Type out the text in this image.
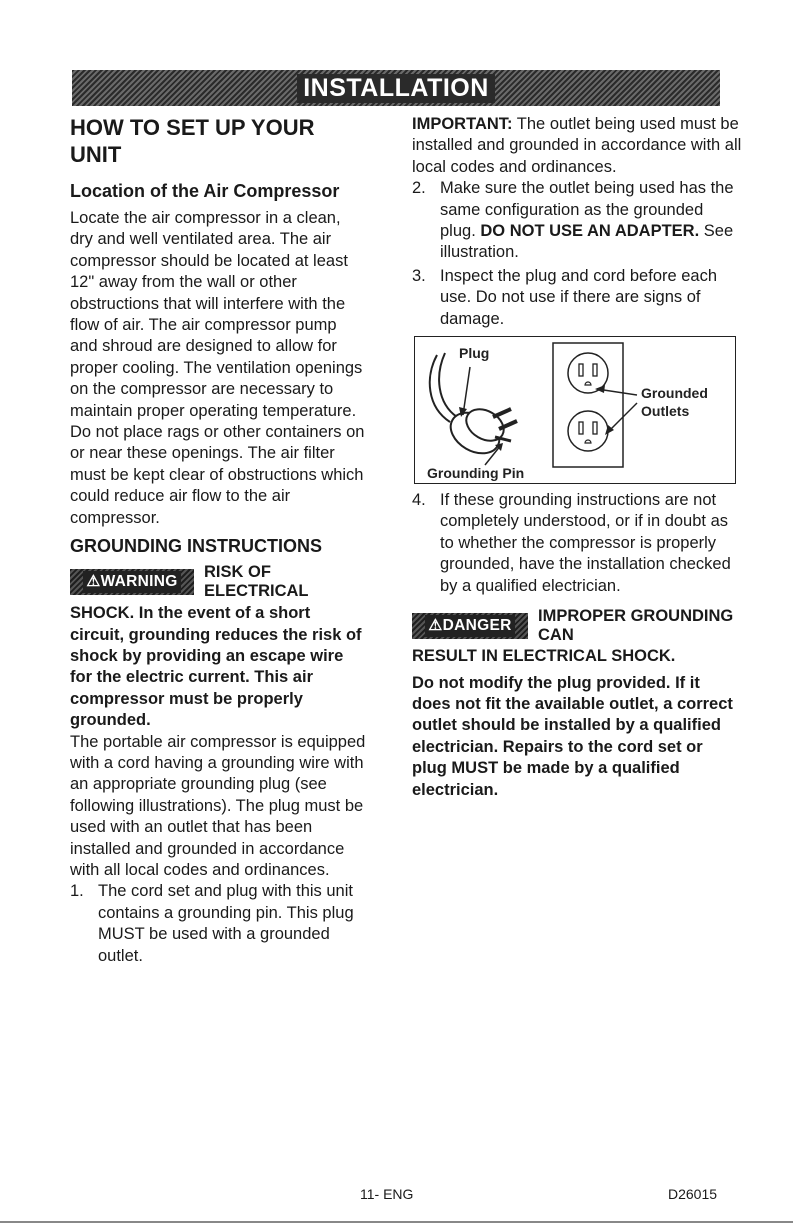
INSTALLATION
HOW TO SET UP YOUR UNIT
Location of the Air Compressor

Locate the air compressor in a clean, dry and well ventilated area. The air compressor should be located at least 12" away from the wall or other obstructions that will interfere with the flow of air. The air compressor pump and shroud are designed to allow for proper cooling. The ventilation openings on the compressor are necessary to maintain proper operating temperature. Do not place rags or other containers on or near these openings. The air filter must be kept clear of obstructions which could reduce air flow to the air compressor.

GROUNDING INSTRUCTIONS
⚠WARNING
RISK OF ELECTRICAL

SHOCK. In the event of a short circuit, grounding reduces the risk of shock by providing an escape wire for the electric current. This air compressor must be properly grounded.

The portable air compressor is equipped with a cord having a grounding wire with an appropriate grounding plug (see following illustrations). The plug must be used with an outlet that has been installed and grounded in accordance with all local codes and ordinances.

1. The cord set and plug with this unit contains a grounding pin. This plug MUST be used with a grounded outlet.

IMPORTANT: The outlet being used must be installed and grounded in accordance with all local codes and ordinances.

2. Make sure the outlet being used has the same configuration as the grounded plug. DO NOT USE AN ADAPTER. See illustration.
3. Inspect the plug and cord before each use. Do not use if there are signs of damage.
Plug
Grounded
Outlets
Grounding Pin
4. If these grounding instructions are not completely understood, or if in doubt as to whether the compressor is properly grounded, have the installation checked by a qualified electrician.
⚠DANGER
IMPROPER GROUNDING CAN

RESULT IN ELECTRICAL SHOCK.

Do not modify the plug provided. If it does not fit the available outlet, a correct outlet should be installed by a qualified electrician. Repairs to the cord set or plug MUST be made by a qualified electrician.

11- ENG	D26015
